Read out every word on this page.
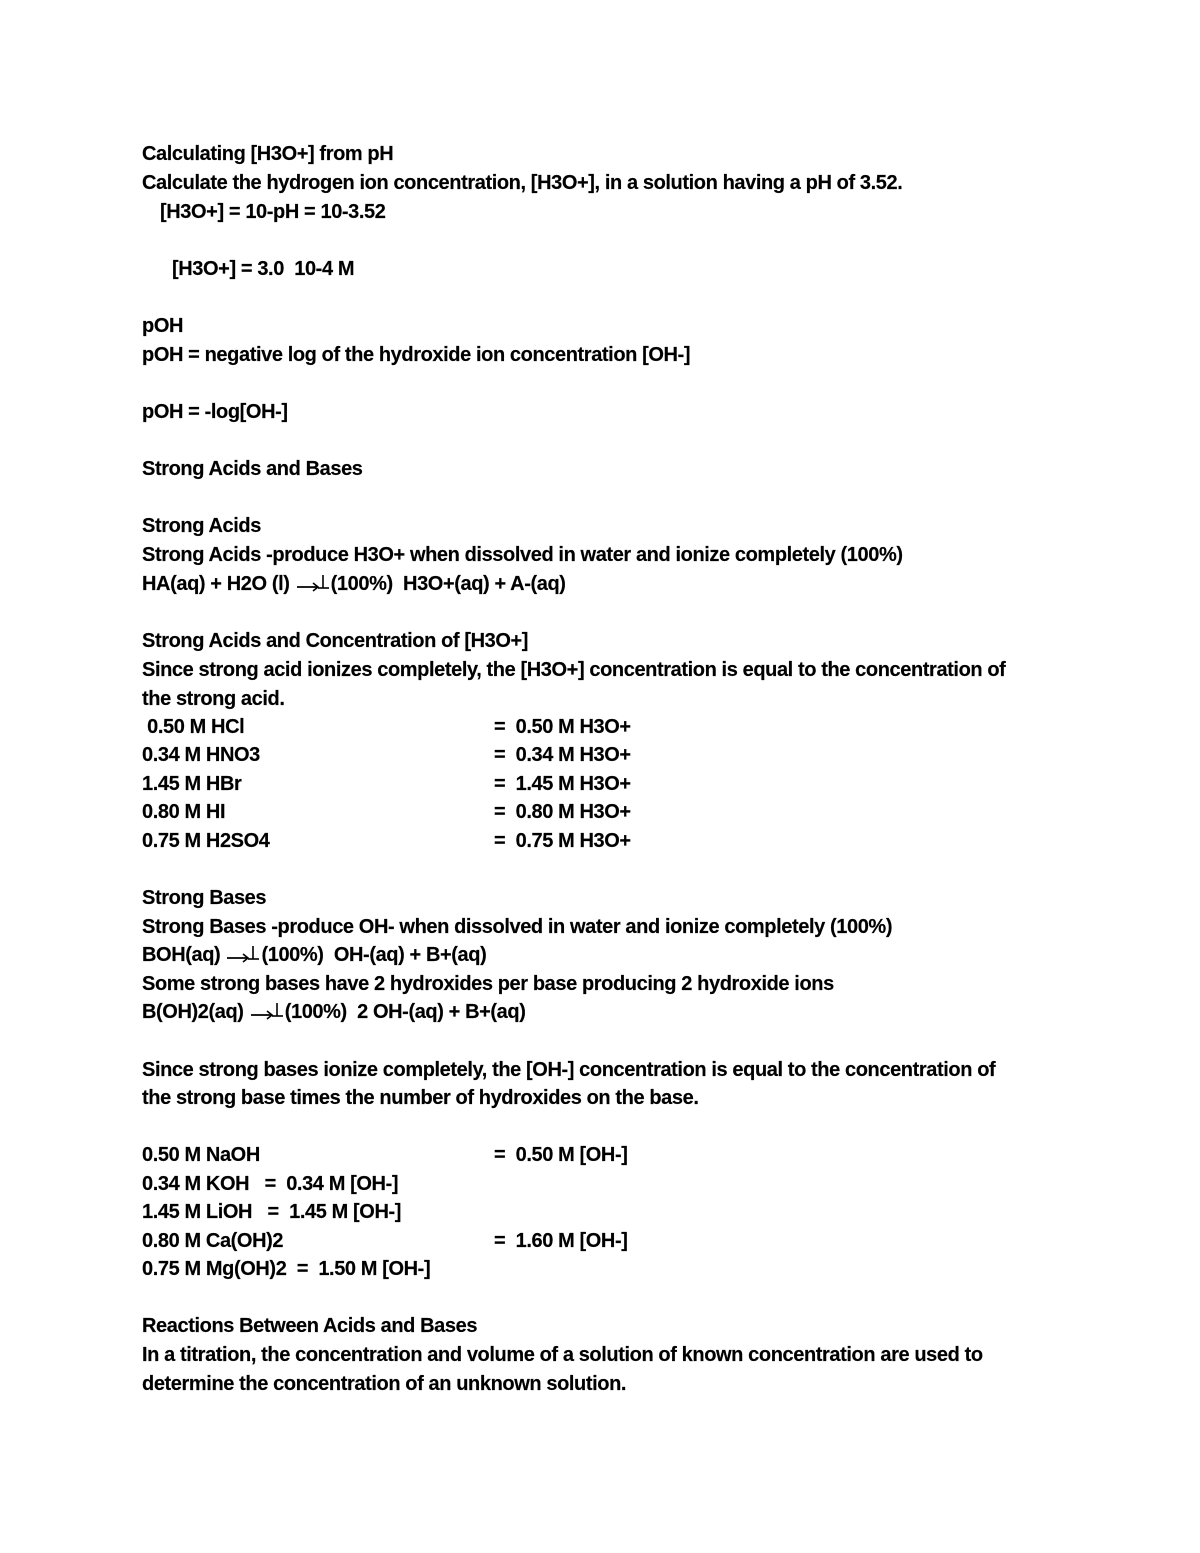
Calculating [H3O+] from pH
Calculate the hydrogen ion concentration, [H3O+], in a solution having a pH of 3.52.
[H3O+] = 10-pH = 10-3.52
[H3O+] = 3.0  10-4 M
pOH
pOH = negative log of the hydroxide ion concentration [OH-]
pOH = -log[OH-]
Strong Acids and Bases
Strong Acids
Strong Acids -produce H3O+ when dissolved in water and ionize completely (100%)
HA(aq) + H2O (l) →(100%)  H3O+(aq) + A-(aq)
Strong Acids and Concentration of [H3O+]
Since strong acid ionizes completely, the [H3O+] concentration is equal to the concentration of
the strong acid.
0.50 M HCl	=  0.50 M H3O+
0.34 M HNO3	=  0.34 M H3O+
1.45 M HBr	=  1.45 M H3O+
0.80 M HI	=  0.80 M H3O+
0.75 M H2SO4	=  0.75 M H3O+
Strong Bases
Strong Bases -produce OH- when dissolved in water and ionize completely (100%)
BOH(aq) →(100%)  OH-(aq) + B+(aq)
Some strong bases have 2 hydroxides per base producing 2 hydroxide ions
B(OH)2(aq) →(100%)  2 OH-(aq) + B+(aq)
Since strong bases ionize completely, the [OH-] concentration is equal to the concentration of
the strong base times the number of hydroxides on the base.
0.50 M NaOH	=  0.50 M [OH-]
0.34 M KOH   =  0.34 M [OH-]
1.45 M LiOH   =  1.45 M [OH-]
0.80 M Ca(OH)2	=  1.60 M [OH-]
0.75 M Mg(OH)2  =  1.50 M [OH-]
Reactions Between Acids and Bases
In a titration, the concentration and volume of a solution of known concentration are used to
determine the concentration of an unknown solution.
